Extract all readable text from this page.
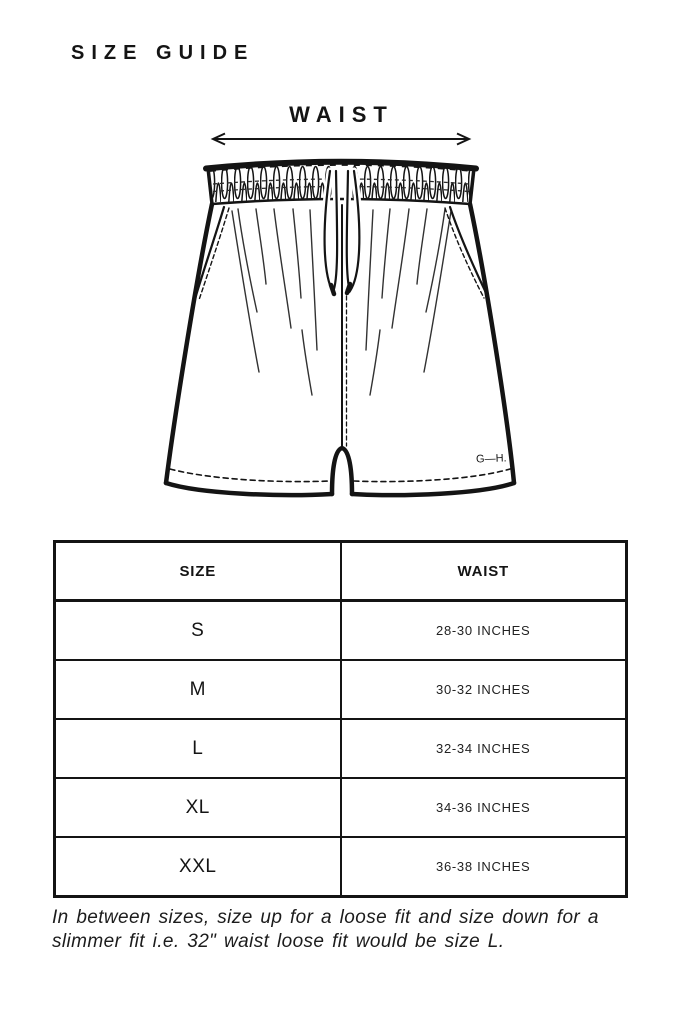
SIZE GUIDE
WAIST
G—H.
SIZE	WAIST
S	28-30 INCHES
M	30-32 INCHES
L	32-34 INCHES
XL	34-36 INCHES
XXL	36-38 INCHES
In between sizes, size up for a loose fit and size down for a slimmer fit i.e. 32" waist loose fit would be size L.
